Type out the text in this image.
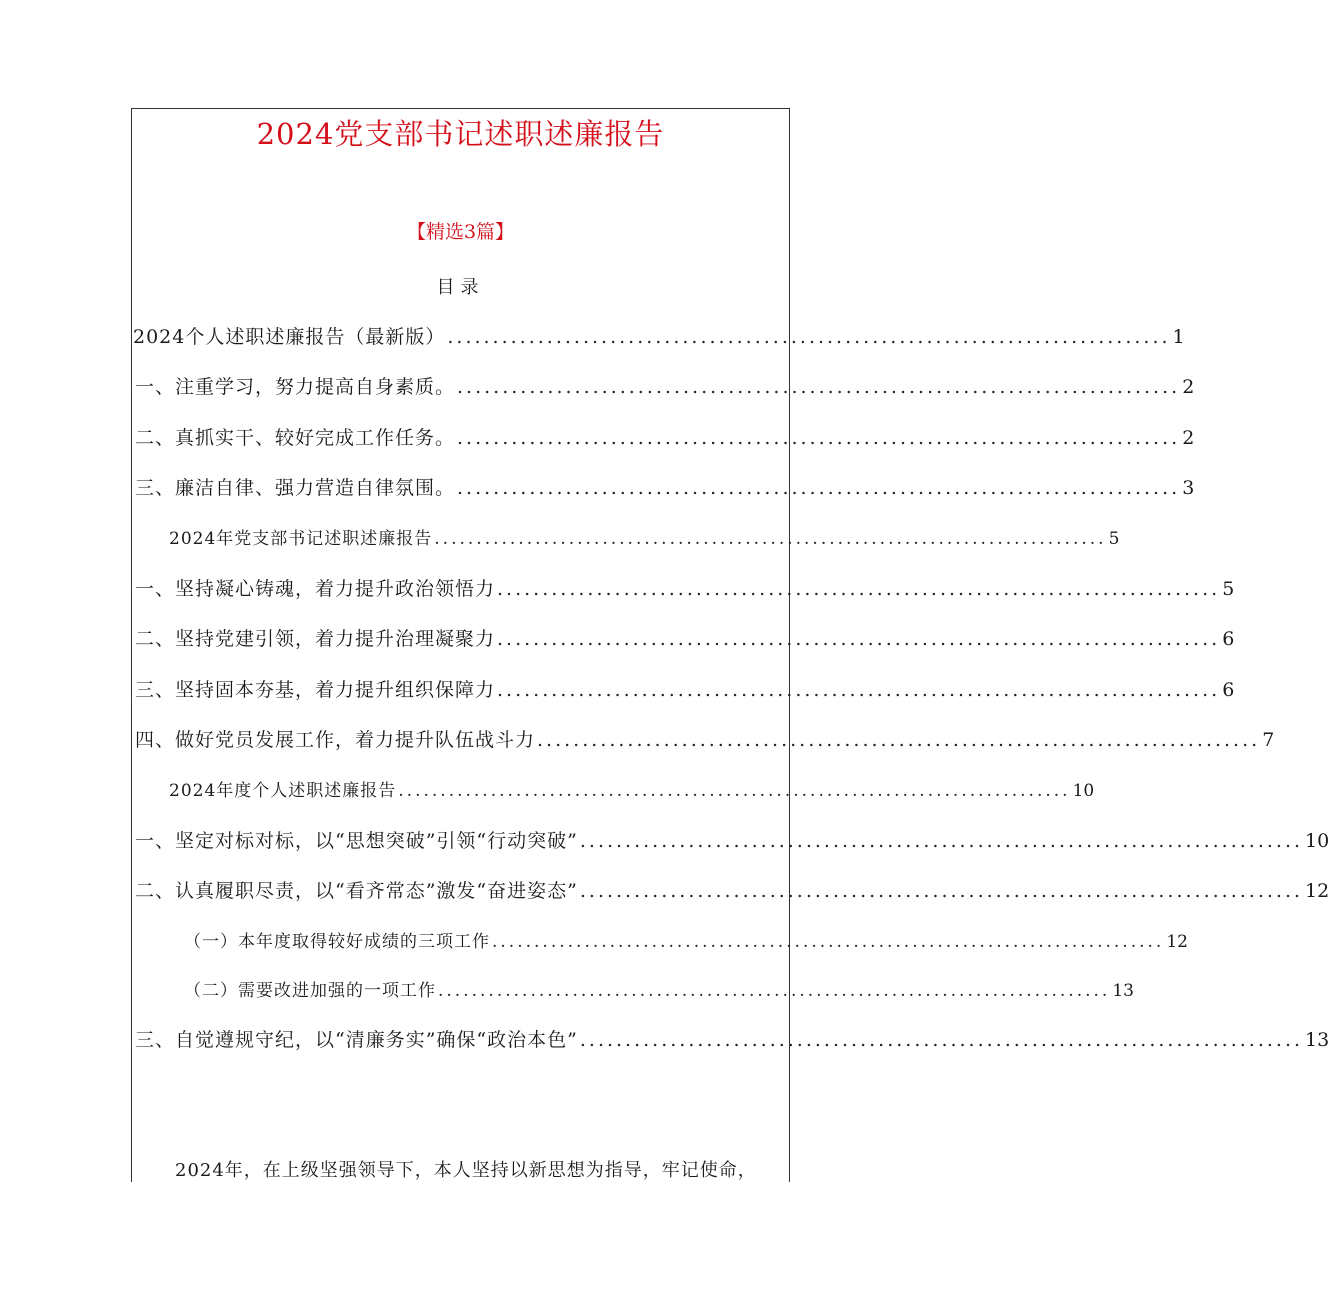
2024党支部书记述职述廉报告
【精选3篇】
目录
2024个人述职述廉报告（最新版） ................................................................................ 1
一、注重学习，努力提高自身素质。 ................................................................................ 2
二、真抓实干、较好完成工作任务。 ................................................................................ 2
三、廉洁自律、强力营造自律氛围。 ................................................................................ 3
2024年党支部书记述职述廉报告 ................................................................................ 5
一、坚持凝心铸魂，着力提升政治领悟力 ................................................................................ 5
二、坚持党建引领，着力提升治理凝聚力 ................................................................................ 6
三、坚持固本夯基，着力提升组织保障力 ................................................................................ 6
四、做好党员发展工作，着力提升队伍战斗力 ................................................................................ 7
2024年度个人述职述廉报告 ................................................................................ 10
一、坚定对标对标，以“思想突破”引领“行动突破” ................................................................................ 10
二、认真履职尽责，以“看齐常态”激发“奋进姿态” ................................................................................ 12
（一）本年度取得较好成绩的三项工作 ................................................................................ 12
（二）需要改进加强的一项工作 ................................................................................ 13
三、自觉遵规守纪，以“清廉务实”确保“政治本色” ................................................................................ 13
2024年，在上级坚强领导下，本人坚持以新思想为指导，牢记使命，
